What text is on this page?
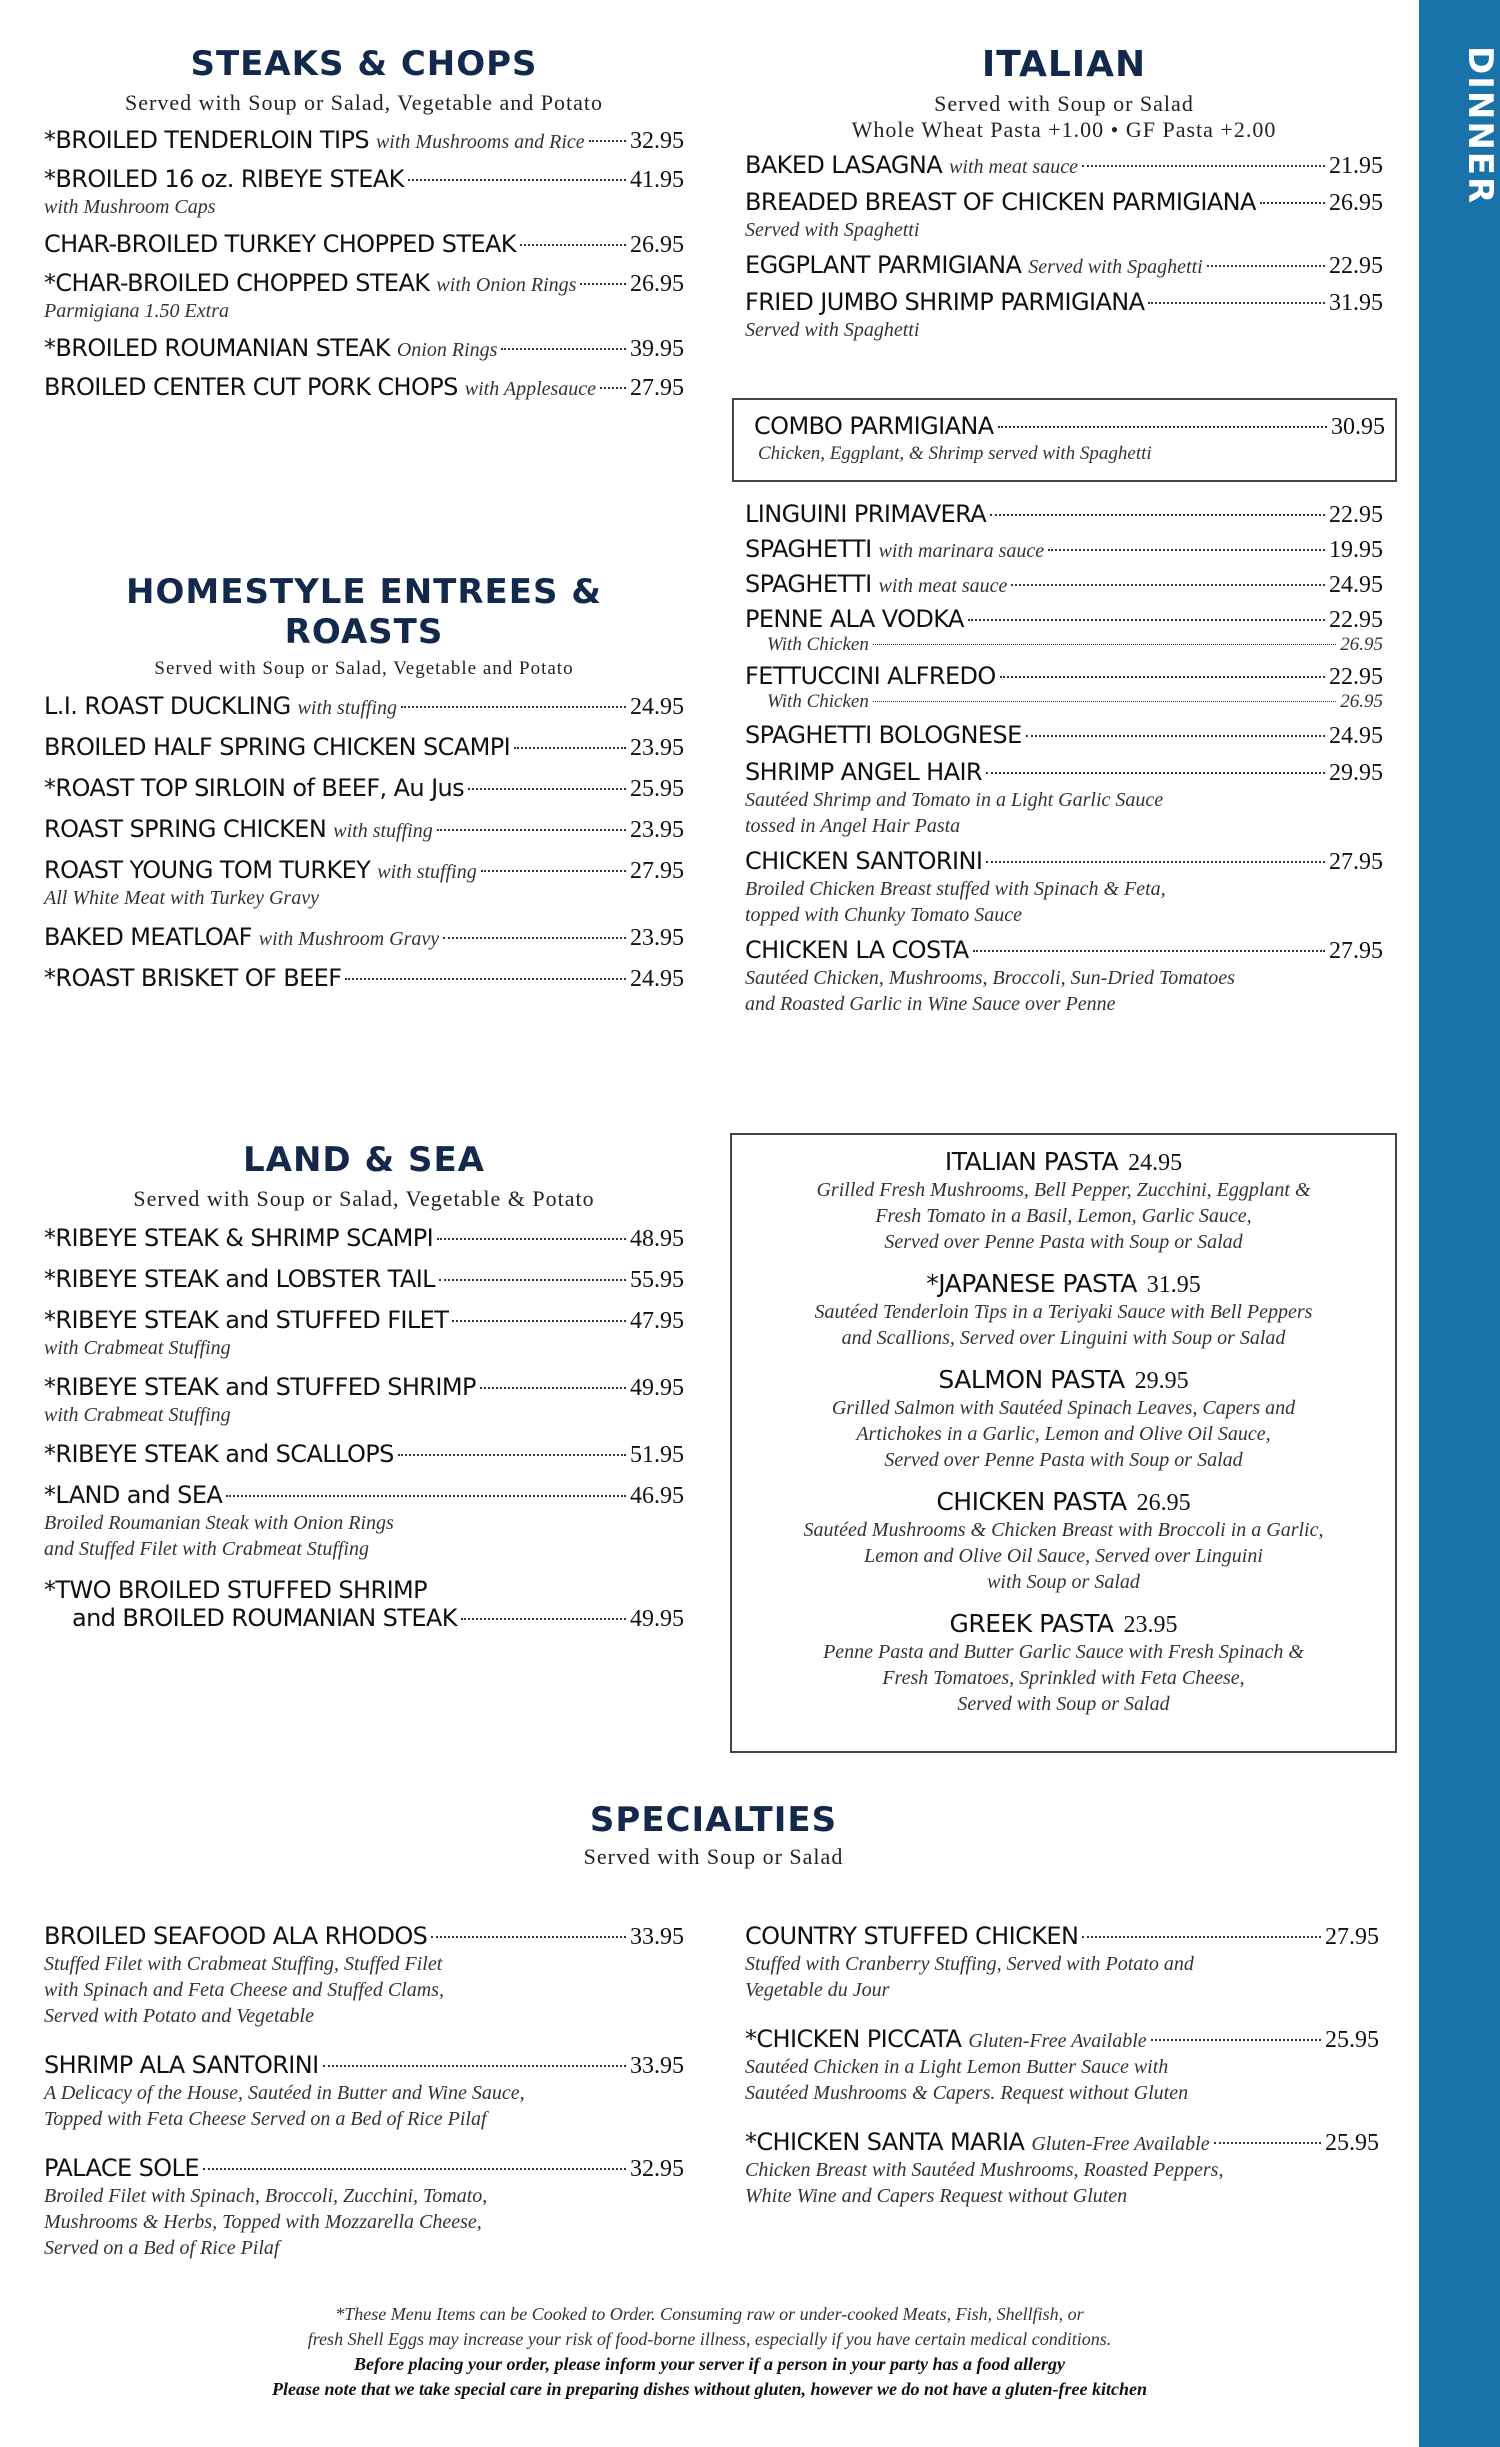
DINNER
STEAKS & CHOPS
Served with Soup or Salad, Vegetable and Potato
*BROILED TENDERLOIN TIPS with Mushrooms and Rice 32.95
*BROILED 16 oz. RIBEYE STEAK	41.95
with Mushroom Caps
CHAR-BROILED TURKEY CHOPPED STEAK	26.95
*CHAR-BROILED CHOPPED STEAK with Onion Rings 26.95
Parmigiana 1.50 Extra
*BROILED ROUMANIAN STEAK Onion Rings	39.95
BROILED CENTER CUT PORK CHOPS with Applesauce 27.95
HOMESTYLE ENTREES & ROASTS
Served with Soup or Salad, Vegetable and Potato
L.I. ROAST DUCKLING with stuffing	24.95
BROILED HALF SPRING CHICKEN SCAMPI	23.95
*ROAST TOP SIRLOIN of BEEF, Au Jus	25.95
ROAST SPRING CHICKEN with stuffing	23.95
ROAST YOUNG TOM TURKEY with stuffing	27.95
All White Meat with Turkey Gravy
BAKED MEATLOAF with Mushroom Gravy	23.95
*ROAST BRISKET OF BEEF	24.95
LAND & SEA
Served with Soup or Salad, Vegetable & Potato
*RIBEYE STEAK & SHRIMP SCAMPI	48.95
*RIBEYE STEAK and LOBSTER TAIL	55.95
*RIBEYE STEAK and STUFFED FILET	47.95
with Crabmeat Stuffing
*RIBEYE STEAK and STUFFED SHRIMP	49.95
with Crabmeat Stuffing
*RIBEYE STEAK and SCALLOPS	51.95
*LAND and SEA	46.95
Broiled Roumanian Steak with Onion Rings
and Stuffed Filet with Crabmeat Stuffing
*TWO BROILED STUFFED SHRIMP
and BROILED ROUMANIAN STEAK	49.95
ITALIAN
Served with Soup or Salad
Whole Wheat Pasta +1.00 • GF Pasta +2.00
BAKED LASAGNA with meat sauce	21.95
BREADED BREAST OF CHICKEN PARMIGIANA	26.95
Served with Spaghetti
EGGPLANT PARMIGIANA Served with Spaghetti	22.95
FRIED JUMBO SHRIMP PARMIGIANA	31.95
Served with Spaghetti
COMBO PARMIGIANA	30.95
Chicken, Eggplant, & Shrimp served with Spaghetti
LINGUINI PRIMAVERA	22.95
SPAGHETTI with marinara sauce	19.95
SPAGHETTI with meat sauce	24.95
PENNE ALA VODKA	22.95
With Chicken	26.95
FETTUCCINI ALFREDO	22.95
With Chicken	26.95
SPAGHETTI BOLOGNESE	24.95
SHRIMP ANGEL HAIR	29.95
Sautéed Shrimp and Tomato in a Light Garlic Sauce
tossed in Angel Hair Pasta
CHICKEN SANTORINI	27.95
Broiled Chicken Breast stuffed with Spinach & Feta,
topped with Chunky Tomato Sauce
CHICKEN LA COSTA	27.95
Sautéed Chicken, Mushrooms, Broccoli, Sun-Dried Tomatoes
and Roasted Garlic in Wine Sauce over Penne
ITALIAN PASTA 24.95
Grilled Fresh Mushrooms, Bell Pepper, Zucchini, Eggplant &
Fresh Tomato in a Basil, Lemon, Garlic Sauce,
Served over Penne Pasta with Soup or Salad
*JAPANESE PASTA 31.95
Sautéed Tenderloin Tips in a Teriyaki Sauce with Bell Peppers
and Scallions, Served over Linguini with Soup or Salad
SALMON PASTA 29.95
Grilled Salmon with Sautéed Spinach Leaves, Capers and
Artichokes in a Garlic, Lemon and Olive Oil Sauce,
Served over Penne Pasta with Soup or Salad
CHICKEN PASTA 26.95
Sautéed Mushrooms & Chicken Breast with Broccoli in a Garlic,
Lemon and Olive Oil Sauce, Served over Linguini
with Soup or Salad
GREEK PASTA 23.95
Penne Pasta and Butter Garlic Sauce with Fresh Spinach &
Fresh Tomatoes, Sprinkled with Feta Cheese,
Served with Soup or Salad
SPECIALTIES
Served with Soup or Salad
BROILED SEAFOOD ALA RHODOS	33.95
Stuffed Filet with Crabmeat Stuffing, Stuffed Filet
with Spinach and Feta Cheese and Stuffed Clams,
Served with Potato and Vegetable
SHRIMP ALA SANTORINI	33.95
A Delicacy of the House, Sautéed in Butter and Wine Sauce,
Topped with Feta Cheese Served on a Bed of Rice Pilaf
PALACE SOLE	32.95
Broiled Filet with Spinach, Broccoli, Zucchini, Tomato,
Mushrooms & Herbs, Topped with Mozzarella Cheese,
Served on a Bed of Rice Pilaf
COUNTRY STUFFED CHICKEN	27.95
Stuffed with Cranberry Stuffing, Served with Potato and
Vegetable du Jour
*CHICKEN PICCATA Gluten-Free Available	25.95
Sautéed Chicken in a Light Lemon Butter Sauce with
Sautéed Mushrooms & Capers. Request without Gluten
*CHICKEN SANTA MARIA Gluten-Free Available	25.95
Chicken Breast with Sautéed Mushrooms, Roasted Peppers,
White Wine and Capers Request without Gluten
*These Menu Items can be Cooked to Order. Consuming raw or under-cooked Meats, Fish, Shellfish, or
fresh Shell Eggs may increase your risk of food-borne illness, especially if you have certain medical conditions.
Before placing your order, please inform your server if a person in your party has a food allergy
Please note that we take special care in preparing dishes without gluten, however we do not have a gluten-free kitchen
